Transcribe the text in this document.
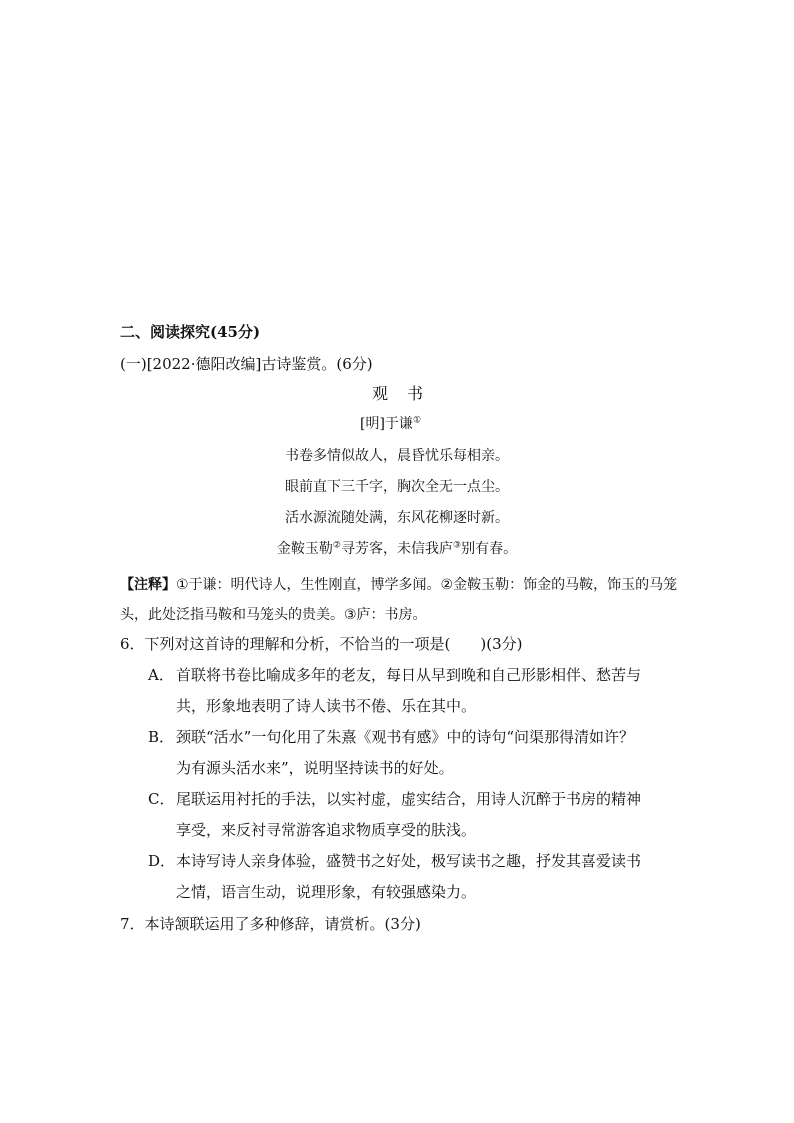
二、阅读探究(45分)
(一)[2022·德阳改编]古诗鉴赏。(6分)
观 书
[明]于谦①
书卷多情似故人，晨昏忧乐每相亲。
眼前直下三千字，胸次全无一点尘。
活水源流随处满，东风花柳逐时新。
金鞍玉勒②寻芳客，未信我庐③别有春。
【注释】①于谦：明代诗人，生性刚直，博学多闻。②金鞍玉勒：饰金的马鞍，饰玉的马笼头，此处泛指马鞍和马笼头的贵美。③庐：书房。
6．下列对这首诗的理解和分析，不恰当的一项是(　　)(3分)
A． 首联将书卷比喻成多年的老友，每日从早到晚和自己形影相伴、愁苦与
共，形象地表明了诗人读书不倦、乐在其中。
B． 颈联“活水”一句化用了朱熹《观书有感》中的诗句“问渠那得清如许？
为有源头活水来”，说明坚持读书的好处。
C． 尾联运用衬托的手法，以实衬虚，虚实结合，用诗人沉醉于书房的精神
享受，来反衬寻常游客追求物质享受的肤浅。
D．本诗写诗人亲身体验，盛赞书之好处，极写读书之趣，抒发其喜爱读书
之情，语言生动，说理形象，有较强感染力。
7．本诗颔联运用了多种修辞，请赏析。(3分)
